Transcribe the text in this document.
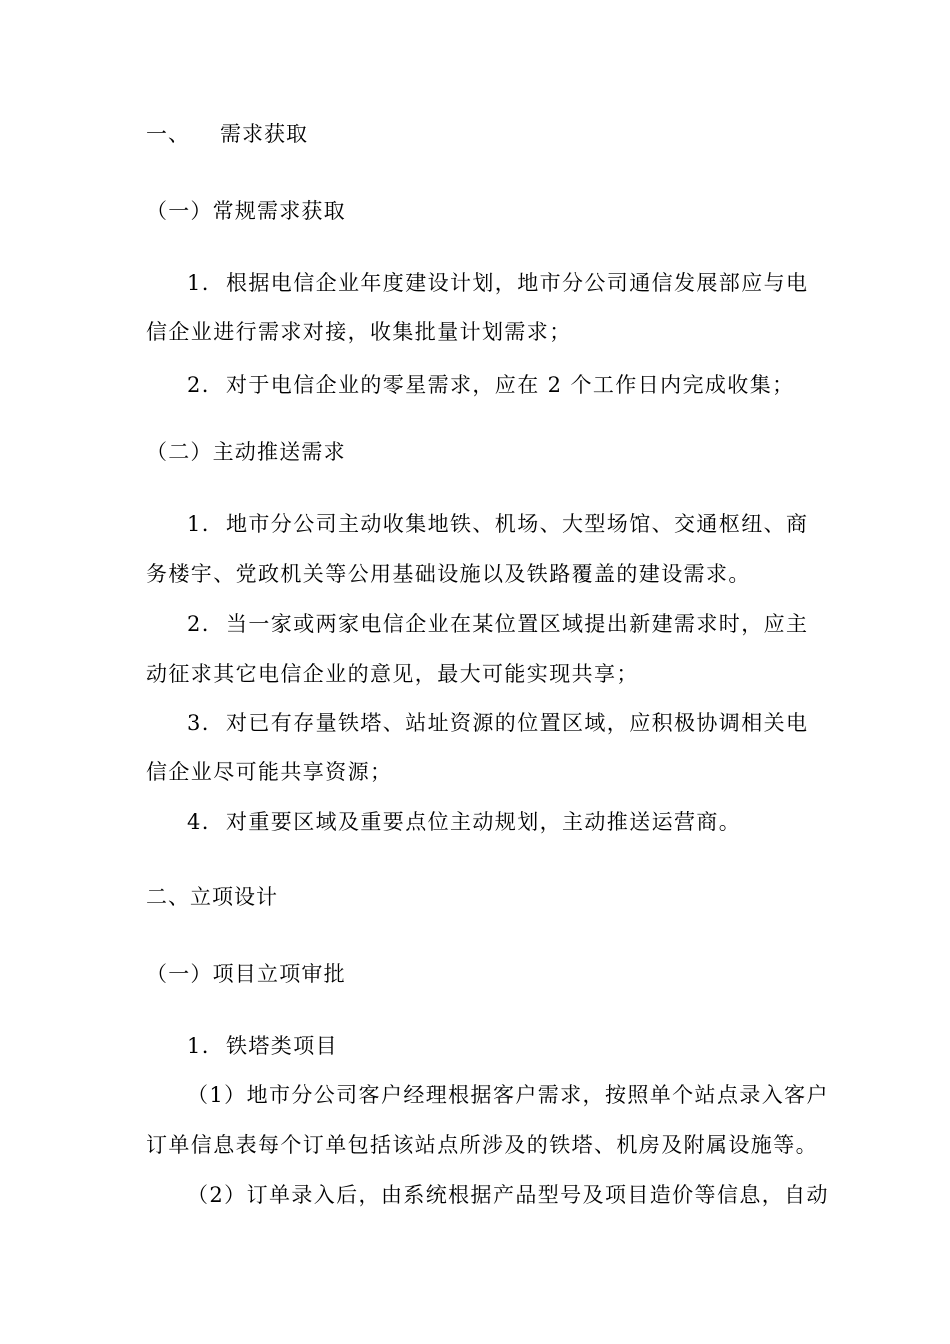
一、 需求获取
（一）常规需求获取
1. 根据电信企业年度建设计划，地市分公司通信发展部应与电
信企业进行需求对接，收集批量计划需求；
2. 对于电信企业的零星需求，应在 2 个工作日内完成收集；
（二）主动推送需求
1. 地市分公司主动收集地铁、机场、大型场馆、交通枢纽、商
务楼宇、党政机关等公用基础设施以及铁路覆盖的建设需求。
2. 当一家或两家电信企业在某位置区域提出新建需求时，应主
动征求其它电信企业的意见，最大可能实现共享；
3. 对已有存量铁塔、站址资源的位置区域，应积极协调相关电
信企业尽可能共享资源；
4. 对重要区域及重要点位主动规划，主动推送运营商。
二、立项设计
（一）项目立项审批
1. 铁塔类项目
（1）地市分公司客户经理根据客户需求，按照单个站点录入客户
订单信息表每个订单包括该站点所涉及的铁塔、机房及附属设施等。
（2）订单录入后，由系统根据产品型号及项目造价等信息，自动
